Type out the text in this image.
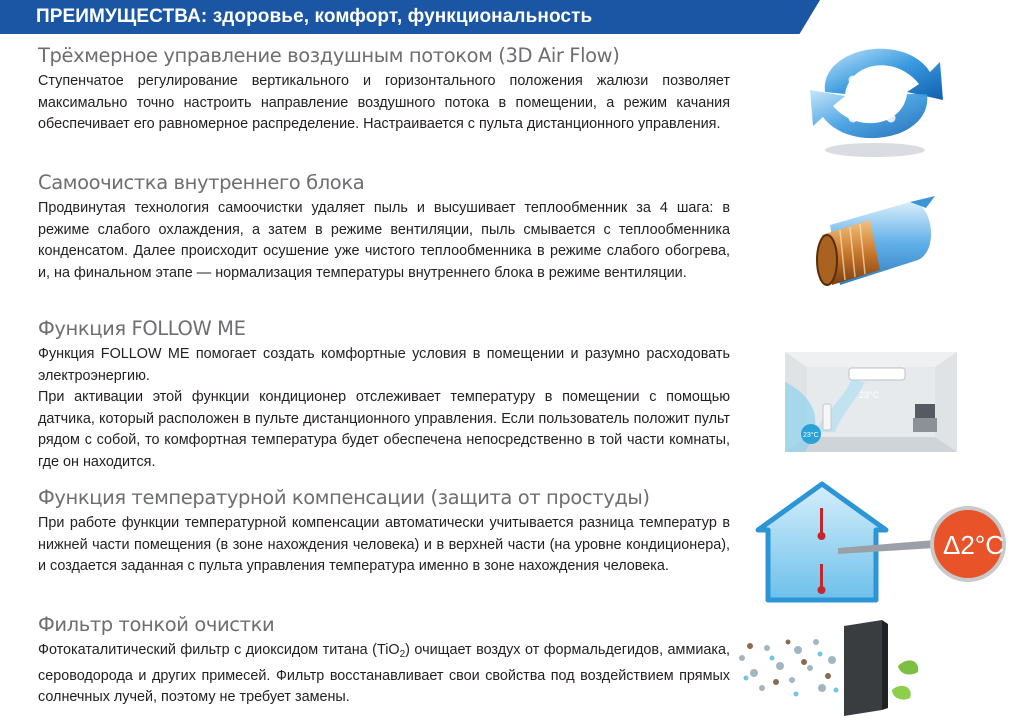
ПРЕИМУЩЕСТВА: здоровье, комфорт, функциональность
Трёхмерное управление воздушным потоком (3D Air Flow)

Ступенчатое регулирование вертикального и горизонтального положения жалюзи позволяет максимально точно настроить направление воздушного потока в помещении, а режим качания обеспечивает его равномерное распределение. Настраивается с пульта дистанционного управления.

Самоочистка внутреннего блока

Продвинутая технология самоочистки удаляет пыль и высушивает теплообменник за 4 шага: в режиме слабого охлаждения, а затем в режиме вентиляции, пыль смывается с теплообменника конденсатом. Далее происходит осушение уже чистого теплообменника в режиме слабого обогрева, и, на финальном этапе — нормализация температуры внутреннего блока в режиме вентиляции.

Функция FOLLOW ME

Функция FOLLOW ME помогает создать комфортные условия в помещении и разумно расходовать электроэнергию.

При активации этой функции кондиционер отслеживает температуру в помещении с помощью датчика, который расположен в пульте дистанционного управления. Если пользователь положит пульт рядом с собой, то комфортная температура будет обеспечена непосредственно в той части комнаты, где он находится.

Функция температурной компенсации (защита от простуды)

При работе функции температурной компенсации автоматически учитывается разница температур в нижней части помещения (в зоне нахождения человека) и в верхней части (на уровне кондиционера), и создается заданная с пульта управления температура именно в зоне нахождения человека.

Фильтр тонкой очистки

Фотокаталитический фильтр с диоксидом титана (TiO$_2$) очищает воздух от формальдегидов, аммиака, сероводорода и других примесей. Фильтр восстанавливает свои свойства под воздействием прямых солнечных лучей, поэтому не требует замены.

23°C
23°C
Δ2°C
